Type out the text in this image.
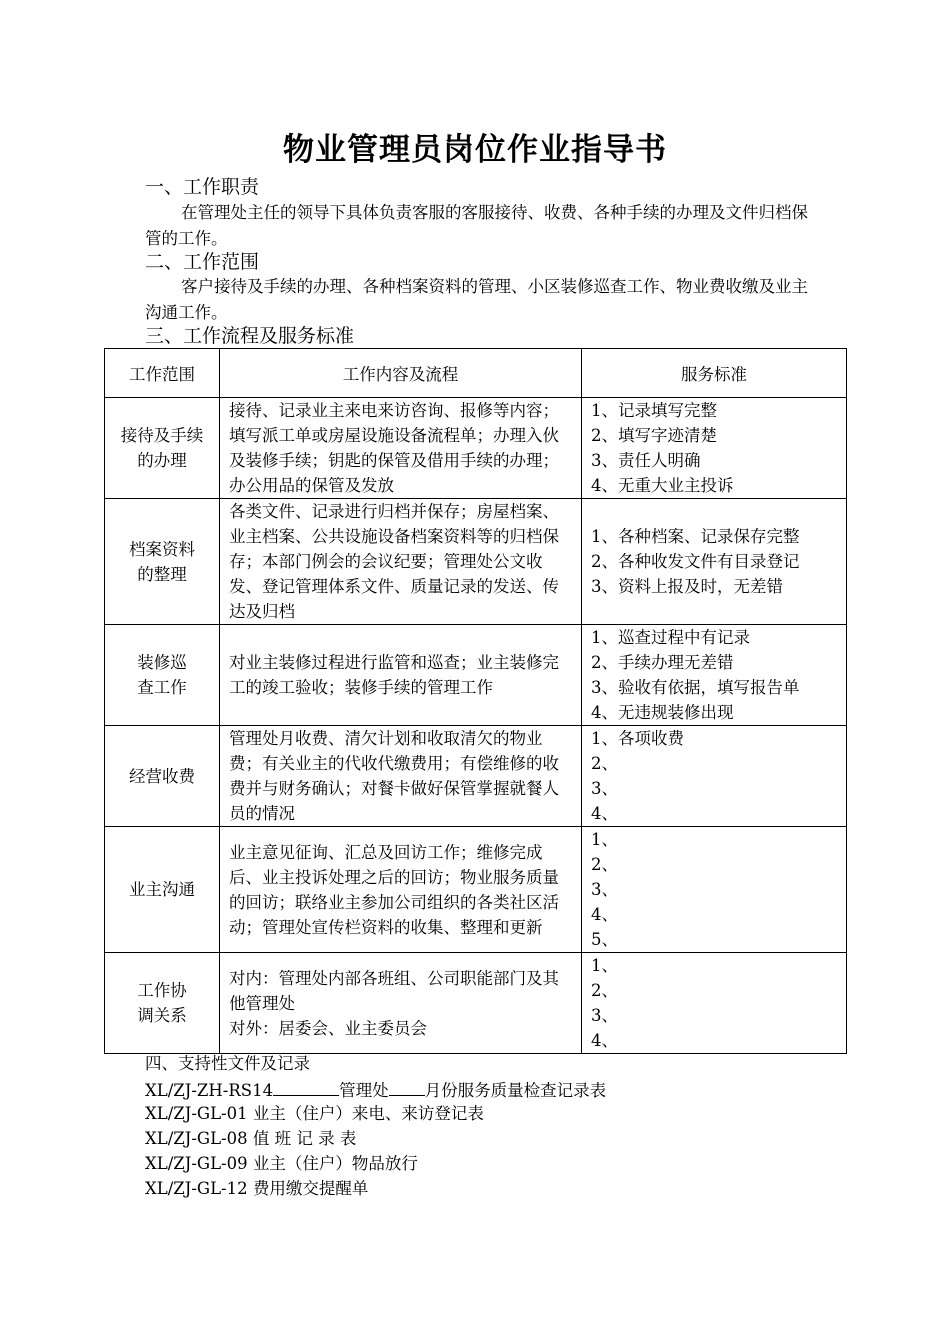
物业管理员岗位作业指导书
一、工作职责
在管理处主任的领导下具体负责客服的客服接待、收费、各种手续的办理及文件归档保管的工作。
二、工作范围
客户接待及手续的办理、各种档案资料的管理、小区装修巡查工作、物业费收缴及业主沟通工作。
三、工作流程及服务标准
工作范围	工作内容及流程	服务标准

接待及手续
的办理	接待、记录业主来电来访咨询、报修等内容；填写派工单或房屋设施设备流程单；办理入伙及装修手续；钥匙的保管及借用手续的办理；办公用品的保管及发放	1、记录填写完整
2、填写字迹清楚
3、责任人明确
4、无重大业主投诉

档案资料
的整理	各类文件、记录进行归档并保存；房屋档案、业主档案、公共设施设备档案资料等的归档保存；本部门例会的会议纪要；管理处公文收发、登记管理体系文件、质量记录的发送、传达及归档	1、各种档案、记录保存完整
2、各种收发文件有目录登记
3、资料上报及时，无差错

装修巡
查工作	对业主装修过程进行监管和巡查；业主装修完工的竣工验收；装修手续的管理工作	1、巡查过程中有记录
2、手续办理无差错
3、验收有依据，填写报告单
4、无违规装修出现

经营收费	管理处月收费、清欠计划和收取清欠的物业费；有关业主的代收代缴费用；有偿维修的收费并与财务确认；对餐卡做好保管掌握就餐人员的情况	1、各项收费
2、
3、
4、

业主沟通	业主意见征询、汇总及回访工作；维修完成后、业主投诉处理之后的回访；物业服务质量的回访；联络业主参加公司组织的各类社区活动；管理处宣传栏资料的收集、整理和更新	1、
2、
3、
4、
5、

工作协
调关系	对内：管理处内部各班组、公司职能部门及其他管理处
对外：居委会、业主委员会	1、
2、
3、
4、
四、支持性文件及记录
XL/ZJ-ZH-RS14	管理处 月份服务质量检查记录表
XL/ZJ-GL-01 业主（住户）来电、来访登记表
XL/ZJ-GL-08 值 班 记 录 表
XL/ZJ-GL-09 业主（住户）物品放行
XL/ZJ-GL-12 费用缴交提醒单
